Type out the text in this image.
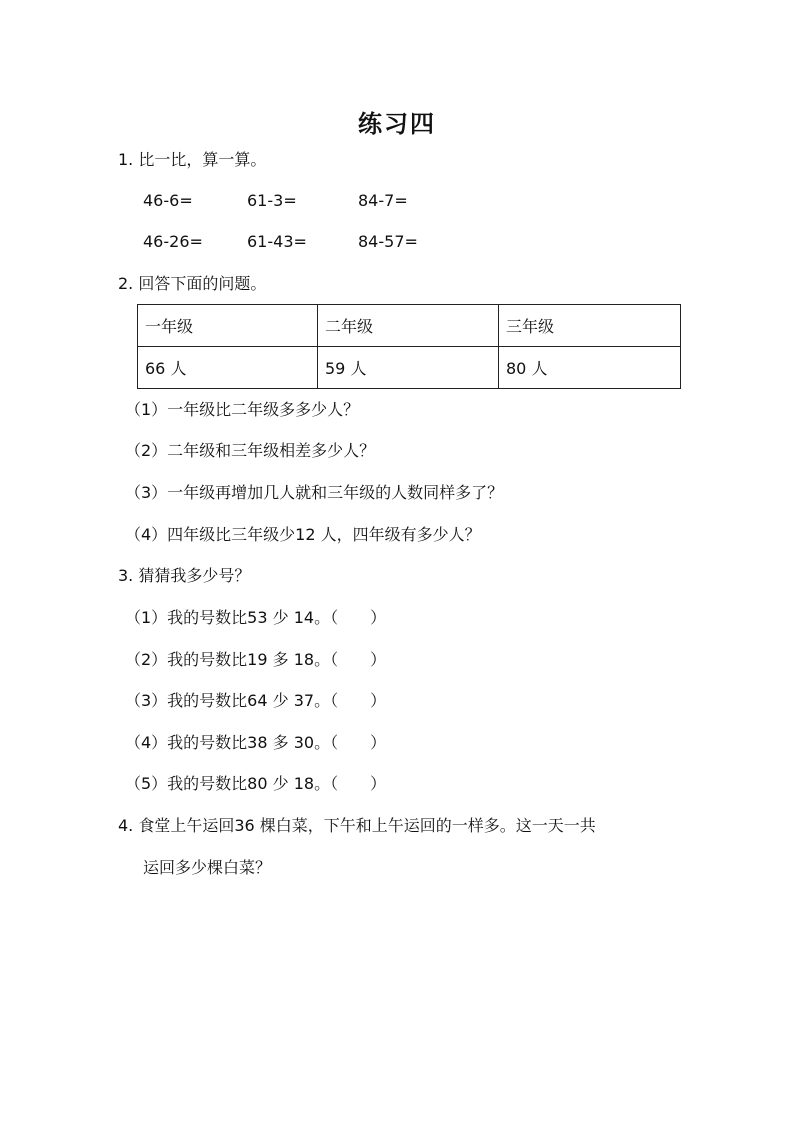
练习四
1. 比一比，算一算。
46-6=	61-3=	84-7=
46-26=	61-43=	84-57=
2. 回答下面的问题。
一年级	二年级	三年级
66 人	59 人	80 人
（1）一年级比二年级多多少人？
（2）二年级和三年级相差多少人？
（3）一年级再增加几人就和三年级的人数同样多了？
（4）四年级比三年级少12 人，四年级有多少人？
3. 猜猜我多少号？
（1）我的号数比53 少 14。（　　）
（2）我的号数比19 多 18。（　　）
（3）我的号数比64 少 37。（　　）
（4）我的号数比38 多 30。（　　）
（5）我的号数比80 少 18。（　　）
4. 食堂上午运回36 棵白菜，下午和上午运回的一样多。这一天一共
运回多少棵白菜？
